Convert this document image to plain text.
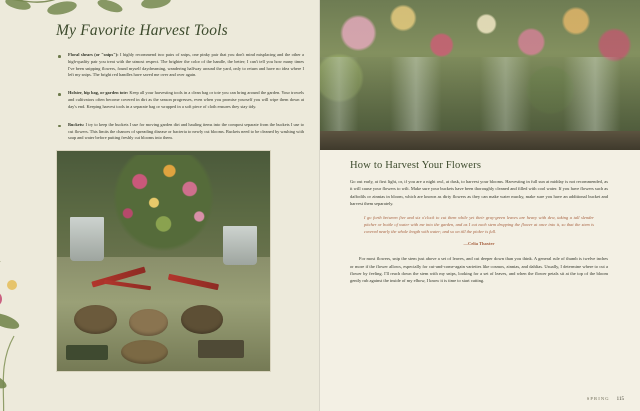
My Favorite Harvest Tools
Floral shears (or "snips"): I highly recommend two pairs of snips, one pinky pair that you don't mind misplacing and the other a high-quality pair you treat with the utmost respect. The brighter the color of the handle, the better; I can't tell you how many times I've been snipping flowers, found myself daydreaming, wandering halfway around the yard, only to return and have no idea where I left my snips. The bright red handles have saved me over and over again.
Holster, hip bag, or garden tote: Keep all your harvesting tools in a clean bag or tote you can bring around the garden. Your trowels and cultivators often become covered in dirt as the season progresses, even when you promise yourself you will wipe them down at day's end. Keeping harvest tools in a separate bag or wrapped in a soft piece of cloth ensures they stay tidy.
Buckets: I try to keep the buckets I use for moving garden dirt and hauling items into the compost separate from the buckets I use to cut flowers. This limits the chances of spreading disease or bacteria to newly cut blooms. Buckets need to be cleaned by washing with soap and water before putting freshly cut blooms into them.
How to Harvest Your Flowers

Go out early, at first light, or, if you are a night owl, at dusk, to harvest your blooms. Harvesting in full sun at midday is not recommended, as it will cause your flowers to wilt. Make sure your buckets have been thoroughly cleaned and filled with cool water. If you have flowers such as daffodils or zinnias in bloom, which are known as dirty flowers as they can make water mucky, make sure you have an additional bucket and harvest them separately.

I go forth between five and six o'clock to cut them while yet their gray-green leaves are heavy with dew, taking a tall slender pitcher or bottle of water with me into the garden, and as I cut each stem dropping the flower at once into it, so that the stem is covered nearly the whole length with water; and so on till the picker is full.
—Celia Thaxter

For most flowers, snip the stem just above a set of leaves, and cut deeper down than you think. A general rule of thumb is twelve inches or more if the flower allows, especially for cut-and-come-again varieties like cosmos, zinnias, and dahlias. Usually, I determine where to cut a flower by feeling. I'll reach down the stem with my snips, looking for a set of leaves, and when the flower petals sit at the top of the bloom gently rub against the inside of my elbow, I know it is time to start cutting.

SPRING 115
